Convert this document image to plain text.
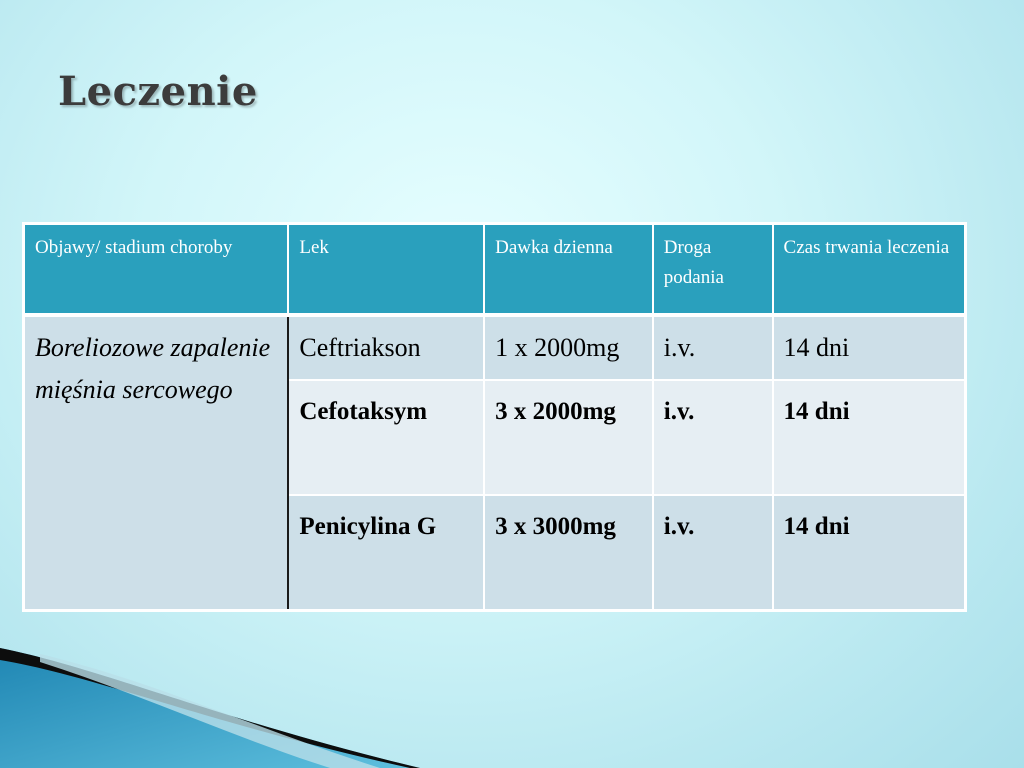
Leczenie
Objawy/ stadium choroby	Lek	Dawka dzienna	Droga podania	Czas trwania leczenia
Boreliozowe zapalenie mięśnia sercowego	Ceftriakson	1 x 2000mg	i.v.	14 dni
	Cefotaksym	3 x 2000mg	i.v.	14 dni
	Penicylina G	3 x 3000mg	i.v.	14 dni
